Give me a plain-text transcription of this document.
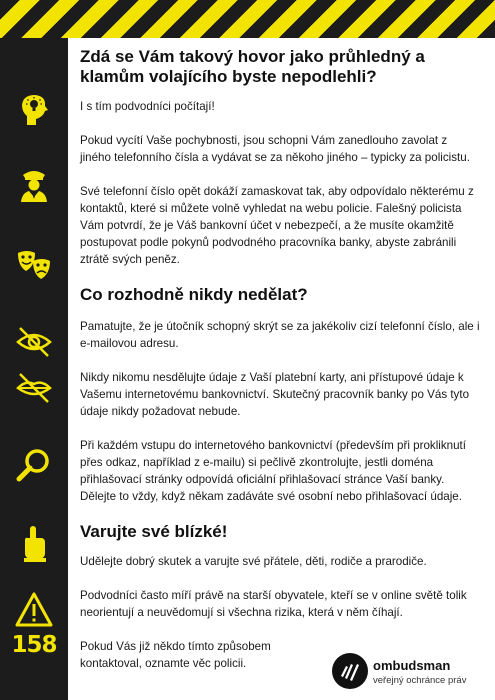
158
Zdá se Vám takový hovor jako průhledný a klamům volajícího byste nepodlehli?

I s tím podvodníci počítají!

Pokud vycítí Vaše pochybnosti, jsou schopni Vám zanedlouho zavolat z jiného telefonního čísla a vydávat se za někoho jiného – typicky za policistu.

Své telefonní číslo opět dokáží zamaskovat tak, aby odpovídalo některému z kontaktů, které si můžete volně vyhledat na webu policie. Falešný policista Vám potvrdí, že je Váš bankovní účet v nebezpečí, a že musíte okamžitě postupovat podle pokynů podvodného pracovníka banky, abyste zabránili ztrátě svých peněz.

Co rozhodně nikdy nedělat?

Pamatujte, že je útočník schopný skrýt se za jakékoliv cizí telefonní číslo, ale i e-mailovou adresu.

Nikdy nikomu nesdělujte údaje z Vaší platební karty, ani přístupové údaje k Vašemu internetovému bankovnictví. Skutečný pracovník banky po Vás tyto údaje nikdy požadovat nebude.

Při každém vstupu do internetového bankovnictví (především při prokliknutí přes odkaz, například z e-mailu) si pečlivě zkontrolujte, jestli doména přihlašovací stránky odpovídá oficiální přihlašovací stránce Vaší banky. Dělejte to vždy, když někam zadáváte své osobní nebo přihlašovací údaje.

Varujte své blízké!

Udělejte dobrý skutek a varujte své přátele, děti, rodiče a prarodiče.

Podvodníci často míří právě na starší obyvatele, kteří se v online světě tolik neorientují a neuvědomují si všechna rizika, která v něm číhají.

Pokud Vás již někdo tímto způsobem kontaktoval, oznamte věc policii.	ombudsman
veřejný ochránce práv
